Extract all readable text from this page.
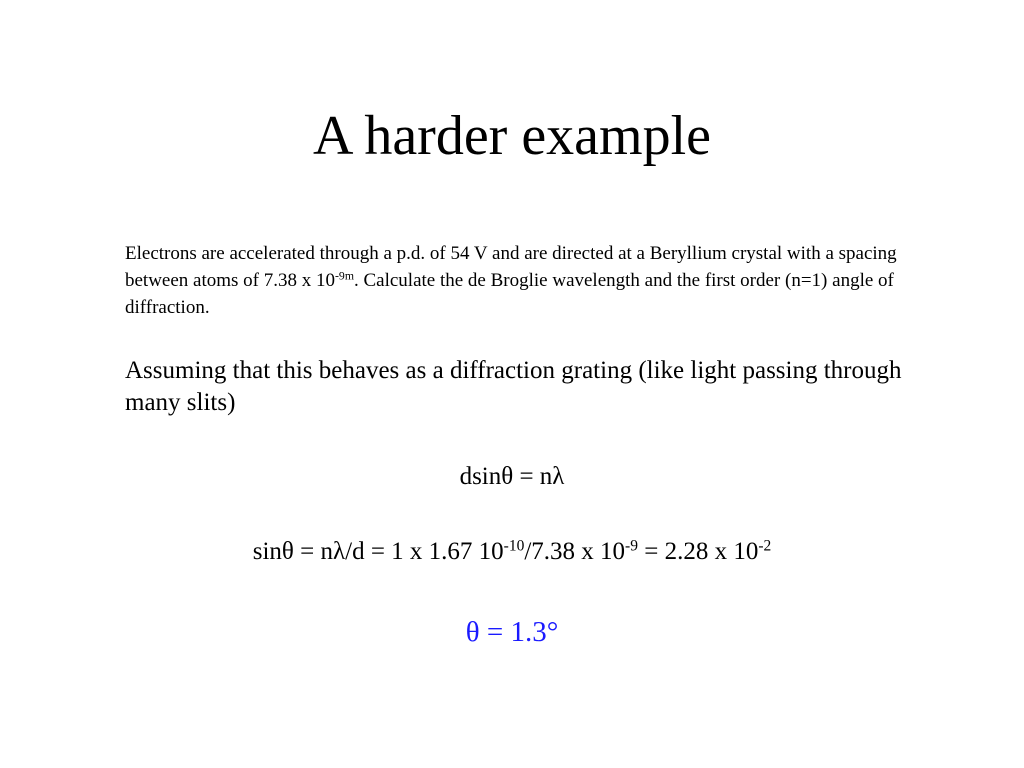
A harder example

Electrons are accelerated through a p.d. of 54 V and are directed at a Beryllium crystal with a spacing between atoms of 7.38 x $10^{-9m}$. Calculate the de Broglie wavelength and the first order (n=1) angle of diffraction.

Assuming that this behaves as a diffraction grating (like light passing through many slits)

dsinθ = nλ

sinθ = nλ/d = 1 x 1.67 $10^{-10}/7.38$ x $10^{-9} = 2.28$ x $10^{-2}$

θ = 1.3°
